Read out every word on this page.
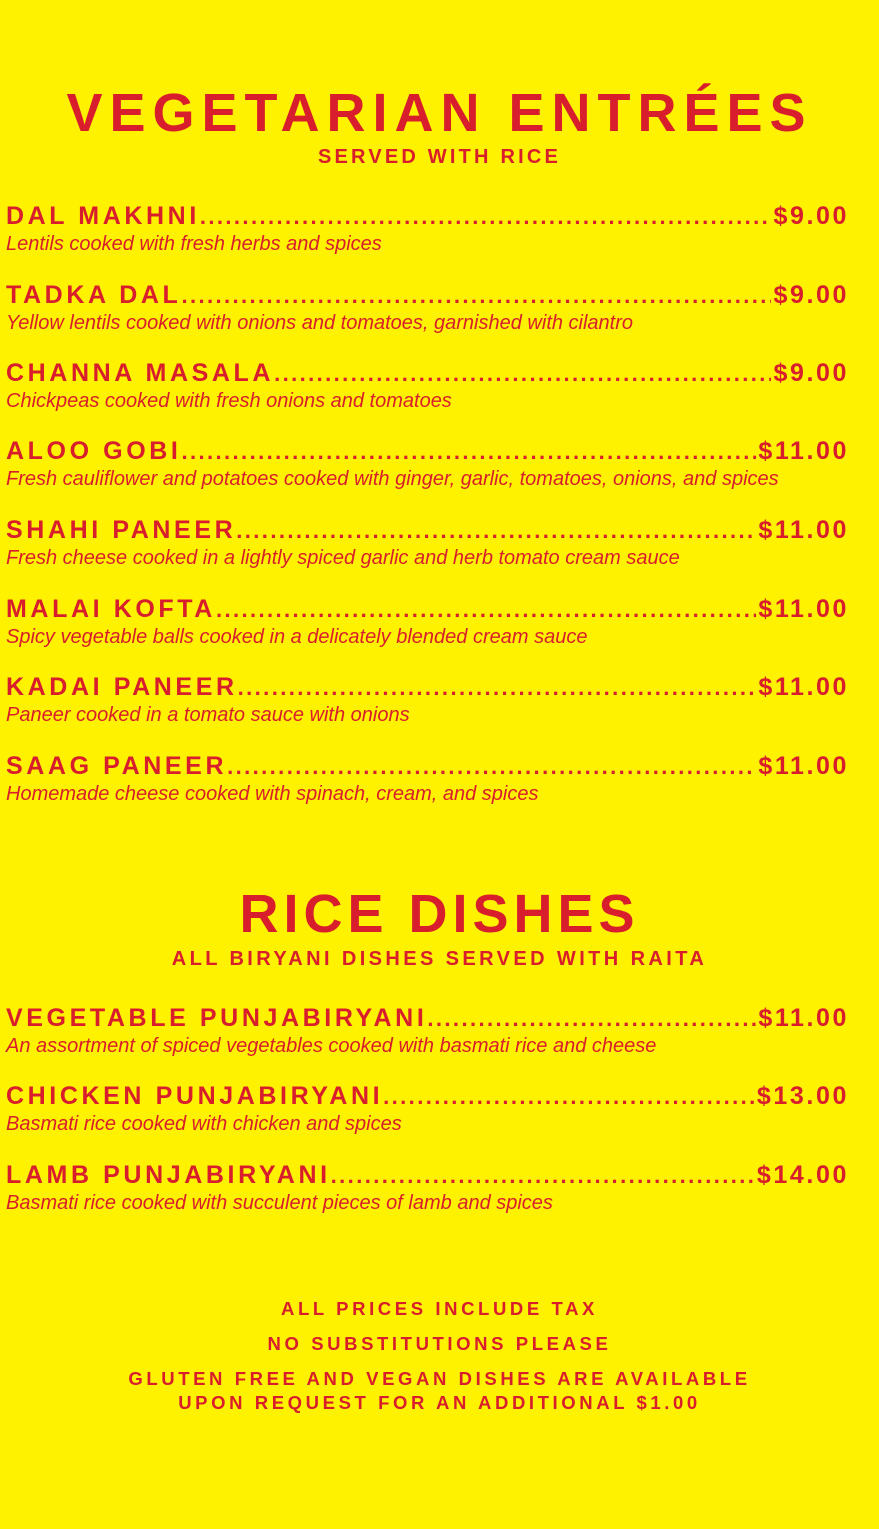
VEGETARIAN ENTRÉES
SERVED WITH RICE
DAL MAKHNI .....	$9.00
Lentils cooked with fresh herbs and spices
TADKA DAL .....	$9.00
Yellow lentils cooked with onions and tomatoes, garnished with cilantro
CHANNA MASALA .....	$9.00
Chickpeas cooked with fresh onions and tomatoes
ALOO GOBI .....	$11.00
Fresh cauliflower and potatoes cooked with ginger, garlic, tomatoes, onions, and spices
SHAHI PANEER .....	$11.00
Fresh cheese cooked in a lightly spiced garlic and herb tomato cream sauce
MALAI KOFTA .....	$11.00
Spicy vegetable balls cooked in a delicately blended cream sauce
KADAI PANEER .....	$11.00
Paneer cooked in a tomato sauce with onions
SAAG PANEER .....	$11.00
Homemade cheese cooked with spinach, cream, and spices
RICE DISHES
ALL BIRYANI DISHES SERVED WITH RAITA
VEGETABLE PUNJABIRYANI .....	$11.00
An assortment of spiced vegetables cooked with basmati rice and cheese
CHICKEN PUNJABIRYANI .....	$13.00
Basmati rice cooked with chicken and spices
LAMB PUNJABIRYANI .....	$14.00
Basmati rice cooked with succulent pieces of lamb and spices
ALL PRICES INCLUDE TAX
NO SUBSTITUTIONS PLEASE
GLUTEN FREE AND VEGAN DISHES ARE AVAILABLE
UPON REQUEST FOR AN ADDITIONAL $1.00
